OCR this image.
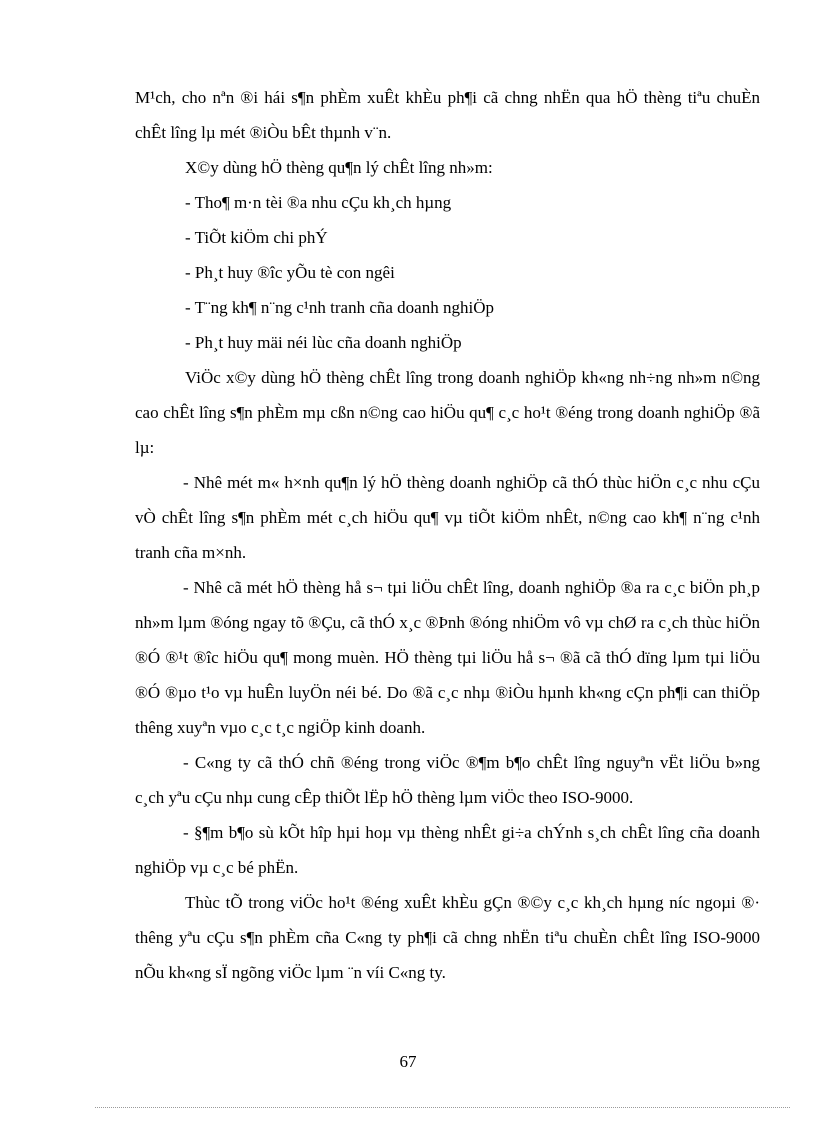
M¹ch, cho nªn ®i hái s¶n phÈm xuÊt khÈu ph¶i cã chng nhËn qua hÖ thèng tiªu chuÈn chÊt lîng lµ mét ®iÒu bÊt thµnh v¨n.

X©y dùng hÖ thèng qu¶n lý chÊt lîng nh»m:

- Tho¶ m·n tèi ®a nhu cÇu kh¸ch hµng

- TiÕt kiÖm chi phÝ

- Ph¸t huy ®îc yÕu tè con ngêi

- T¨ng kh¶ n¨ng c¹nh tranh cña doanh nghiÖp

- Ph¸t huy mäi néi lùc cña doanh nghiÖp

ViÖc x©y dùng hÖ thèng chÊt lîng trong doanh nghiÖp kh«ng nh÷ng nh»m n©ng cao chÊt lîng s¶n phÈm mµ cßn n©ng cao hiÖu qu¶ c¸c ho¹t ®éng trong doanh nghiÖp ®ã lµ:

- Nhê mét m« h×nh qu¶n lý hÖ thèng doanh nghiÖp cã thÓ thùc hiÖn c¸c nhu cÇu vÒ chÊt lîng s¶n phÈm mét c¸ch hiÖu qu¶ vµ tiÕt kiÖm nhÊt, n©ng cao kh¶ n¨ng c¹nh tranh cña m×nh.

- Nhê cã mét hÖ thèng hå s¬ tµi liÖu chÊt lîng, doanh nghiÖp ®a ra c¸c biÖn ph¸p nh»m lµm ®óng ngay tõ ®Çu, cã thÓ x¸c ®Þnh ®óng nhiÖm vô vµ chØ ra c¸ch thùc hiÖn ®Ó ®¹t ®îc hiÖu qu¶ mong muèn. HÖ thèng tµi liÖu hå s¬ ®ã cã thÓ dïng lµm tµi liÖu ®Ó ®µo t¹o vµ huÊn luyÖn néi bé. Do ®ã c¸c nhµ ®iÒu hµnh kh«ng cÇn ph¶i can thiÖp thêng xuyªn vµo c¸c t¸c ngiÖp kinh doanh.

- C«ng ty cã thÓ chñ ®éng trong viÖc ®¶m b¶o chÊt lîng nguyªn vËt liÖu b»ng c¸ch yªu cÇu nhµ cung cÊp thiÕt lËp hÖ thèng lµm viÖc theo ISO-9000.

- §¶m b¶o sù kÕt hîp hµi hoµ vµ thèng nhÊt gi÷a chÝnh s¸ch chÊt lîng cña doanh nghiÖp vµ c¸c bé phËn.

Thùc tÕ trong viÖc ho¹t ®éng xuÊt khÈu gÇn ®©y c¸c kh¸ch hµng níc ngoµi ®· thêng yªu cÇu s¶n phÈm cña C«ng ty ph¶i cã chng nhËn tiªu chuÈn chÊt lîng ISO-9000 nÕu kh«ng sÏ ngõng viÖc lµm ¨n víi C«ng ty.

67
